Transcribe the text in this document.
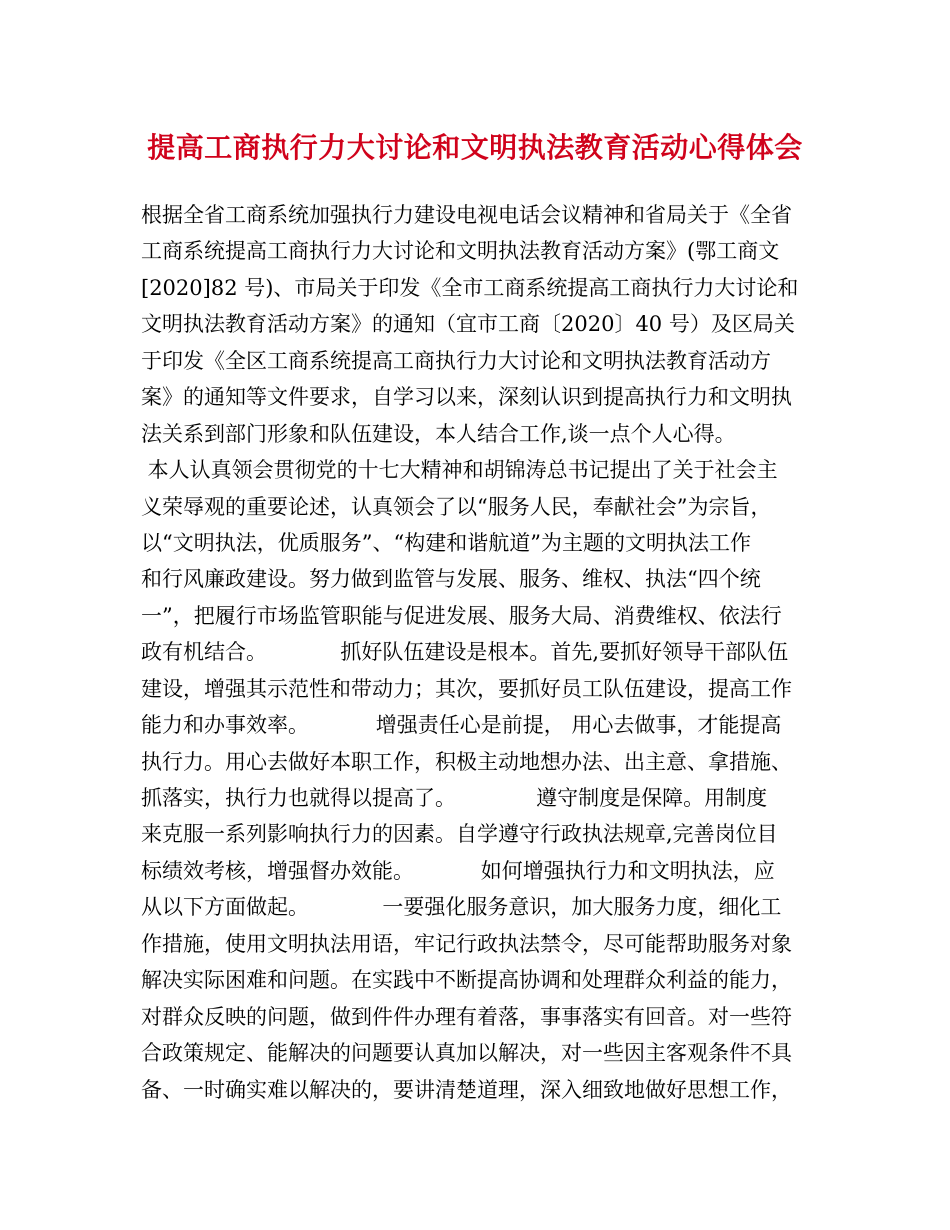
提高工商执行力大讨论和文明执法教育活动心得体会
根据全省工商系统加强执行力建设电视电话会议精神和省局关于《全省
工商系统提高工商执行力大讨论和文明执法教育活动方案》(鄂工商文
[2020]82 号)、市局关于印发《全市工商系统提高工商执行力大讨论和
文明执法教育活动方案》的通知（宜市工商〔2020〕40 号）及区局关
于印发《全区工商系统提高工商执行力大讨论和文明执法教育活动方
案》的通知等文件要求，自学习以来，深刻认识到提高执行力和文明执
法关系到部门形象和队伍建设，本人结合工作,谈一点个人心得。
本人认真领会贯彻党的十七大精神和胡锦涛总书记提出了关于社会主
义荣辱观的重要论述，认真领会了以“服务人民，奉献社会”为宗旨，
以“文明执法，优质服务”、“构建和谐航道”为主题的文明执法工作
和行风廉政建设。努力做到监管与发展、服务、维权、执法“四个统
一”，把履行市场监管职能与促进发展、服务大局、消费维权、依法行
政有机结合。           抓好队伍建设是根本。首先,要抓好领导干部队伍
建设，增强其示范性和带动力；其次，要抓好员工队伍建设，提高工作
能力和办事效率。          增强责任心是前提， 用心去做事，才能提高
执行力。用心去做好本职工作，积极主动地想办法、出主意、拿措施、
抓落实，执行力也就得以提高了。            遵守制度是保障。用制度
来克服一系列影响执行力的因素。自学遵守行政执法规章,完善岗位目
标绩效考核，增强督办效能。          如何增强执行力和文明执法，应
从以下方面做起。           一要强化服务意识，加大服务力度，细化工
作措施，使用文明执法用语，牢记行政执法禁令，尽可能帮助服务对象
解决实际困难和问题。在实践中不断提高协调和处理群众利益的能力，
对群众反映的问题，做到件件办理有着落，事事落实有回音。对一些符
合政策规定、能解决的问题要认真加以解决，对一些因主客观条件不具
备、一时确实难以解决的，要讲清楚道理，深入细致地做好思想工作，
